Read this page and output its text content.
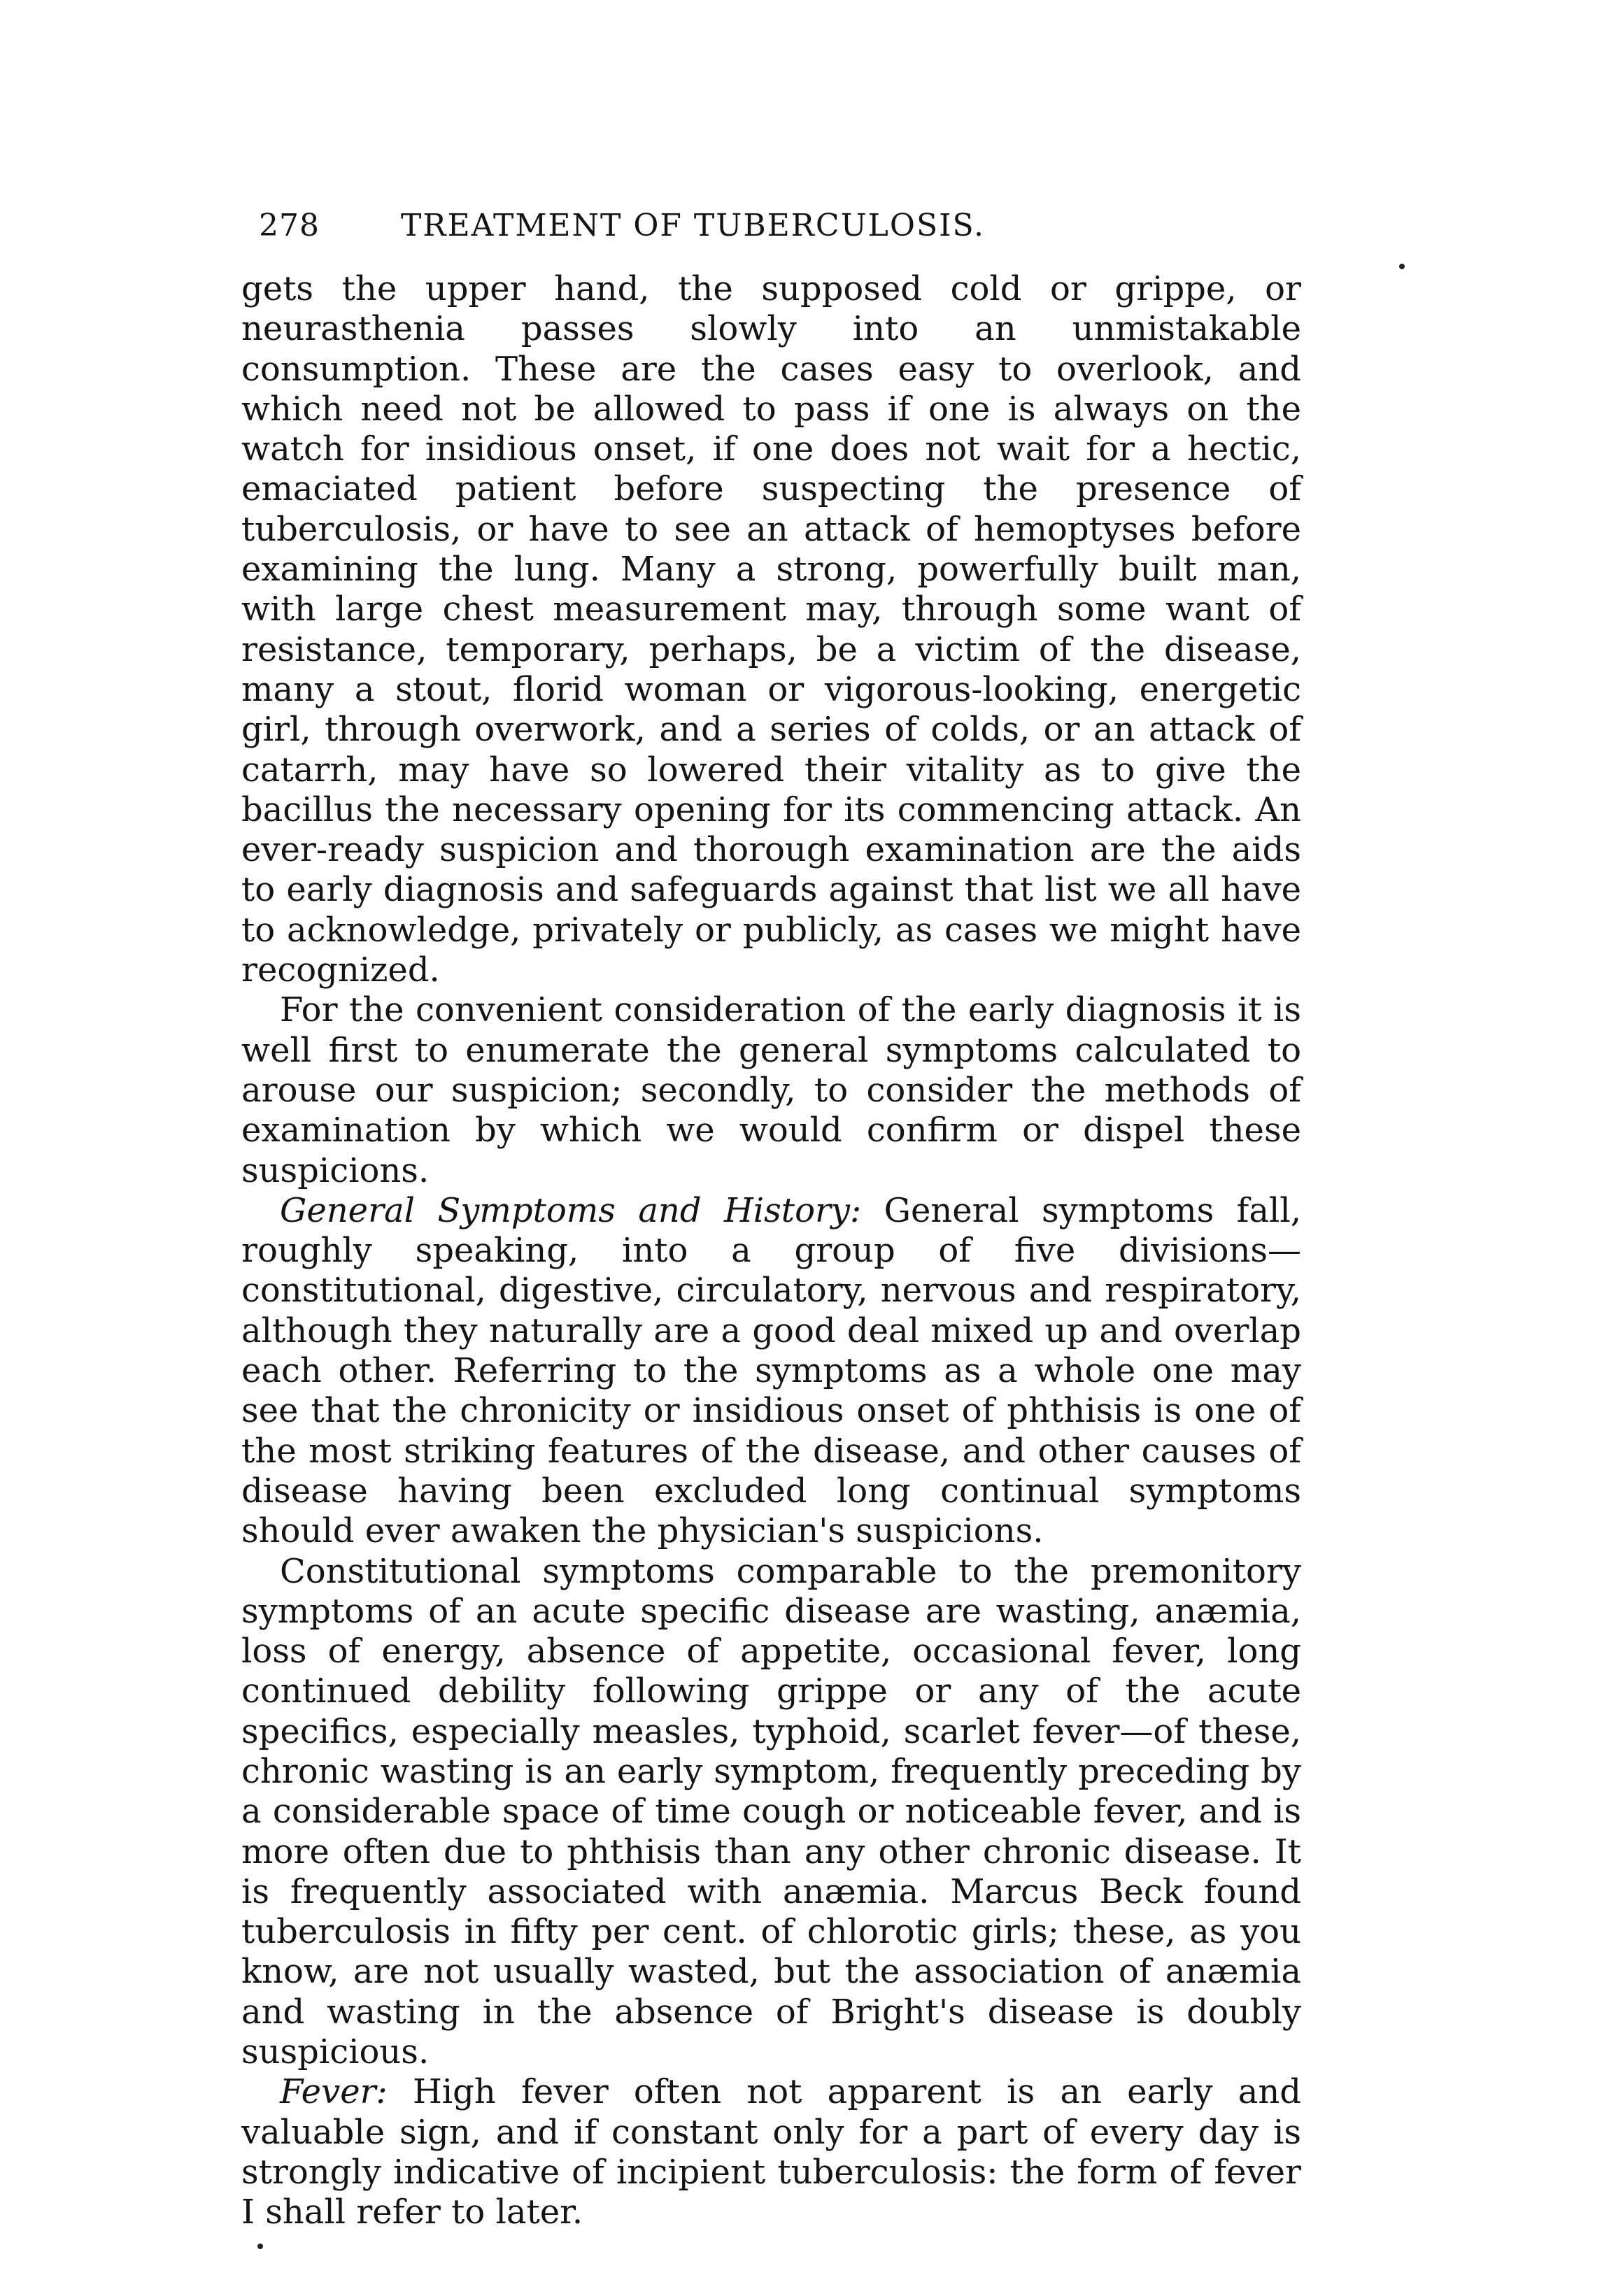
278	TREATMENT OF TUBERCULOSIS.

gets the upper hand, the supposed cold or grippe, or neurasthenia passes slowly into an unmistakable consumption. These are the cases easy to overlook, and which need not be allowed to pass if one is always on the watch for insidious onset, if one does not wait for a hectic, emaciated patient before suspecting the presence of tuberculosis, or have to see an attack of hemoptyses before examining the lung. Many a strong, powerfully built man, with large chest measurement may, through some want of resistance, temporary, perhaps, be a victim of the disease, many a stout, florid woman or vigorous-looking, energetic girl, through overwork, and a series of colds, or an attack of catarrh, may have so lowered their vitality as to give the bacillus the necessary opening for its commencing attack. An ever-ready suspicion and thorough examination are the aids to early diagnosis and safeguards against that list we all have to acknowledge, privately or publicly, as cases we might have recognized.

For the convenient consideration of the early diagnosis it is well first to enumerate the general symptoms calculated to arouse our suspicion; secondly, to consider the methods of examination by which we would confirm or dispel these suspicions.

General Symptoms and History: General symptoms fall, roughly speaking, into a group of five divisions—constitutional, digestive, circulatory, nervous and respiratory, although they naturally are a good deal mixed up and overlap each other. Referring to the symptoms as a whole one may see that the chronicity or insidious onset of phthisis is one of the most striking features of the disease, and other causes of disease having been excluded long continual symptoms should ever awaken the physician's suspicions.

Constitutional symptoms comparable to the premonitory symptoms of an acute specific disease are wasting, anæmia, loss of energy, absence of appetite, occasional fever, long continued debility following grippe or any of the acute specifics, especially measles, typhoid, scarlet fever—of these, chronic wasting is an early symptom, frequently preceding by a considerable space of time cough or noticeable fever, and is more often due to phthisis than any other chronic disease. It is frequently associated with anæmia. Marcus Beck found tuberculosis in fifty per cent. of chlorotic girls; these, as you know, are not usually wasted, but the association of anæmia and wasting in the absence of Bright's disease is doubly suspicious.

Fever: High fever often not apparent is an early and valuable sign, and if constant only for a part of every day is strongly indicative of incipient tuberculosis: the form of fever I shall refer to later.
